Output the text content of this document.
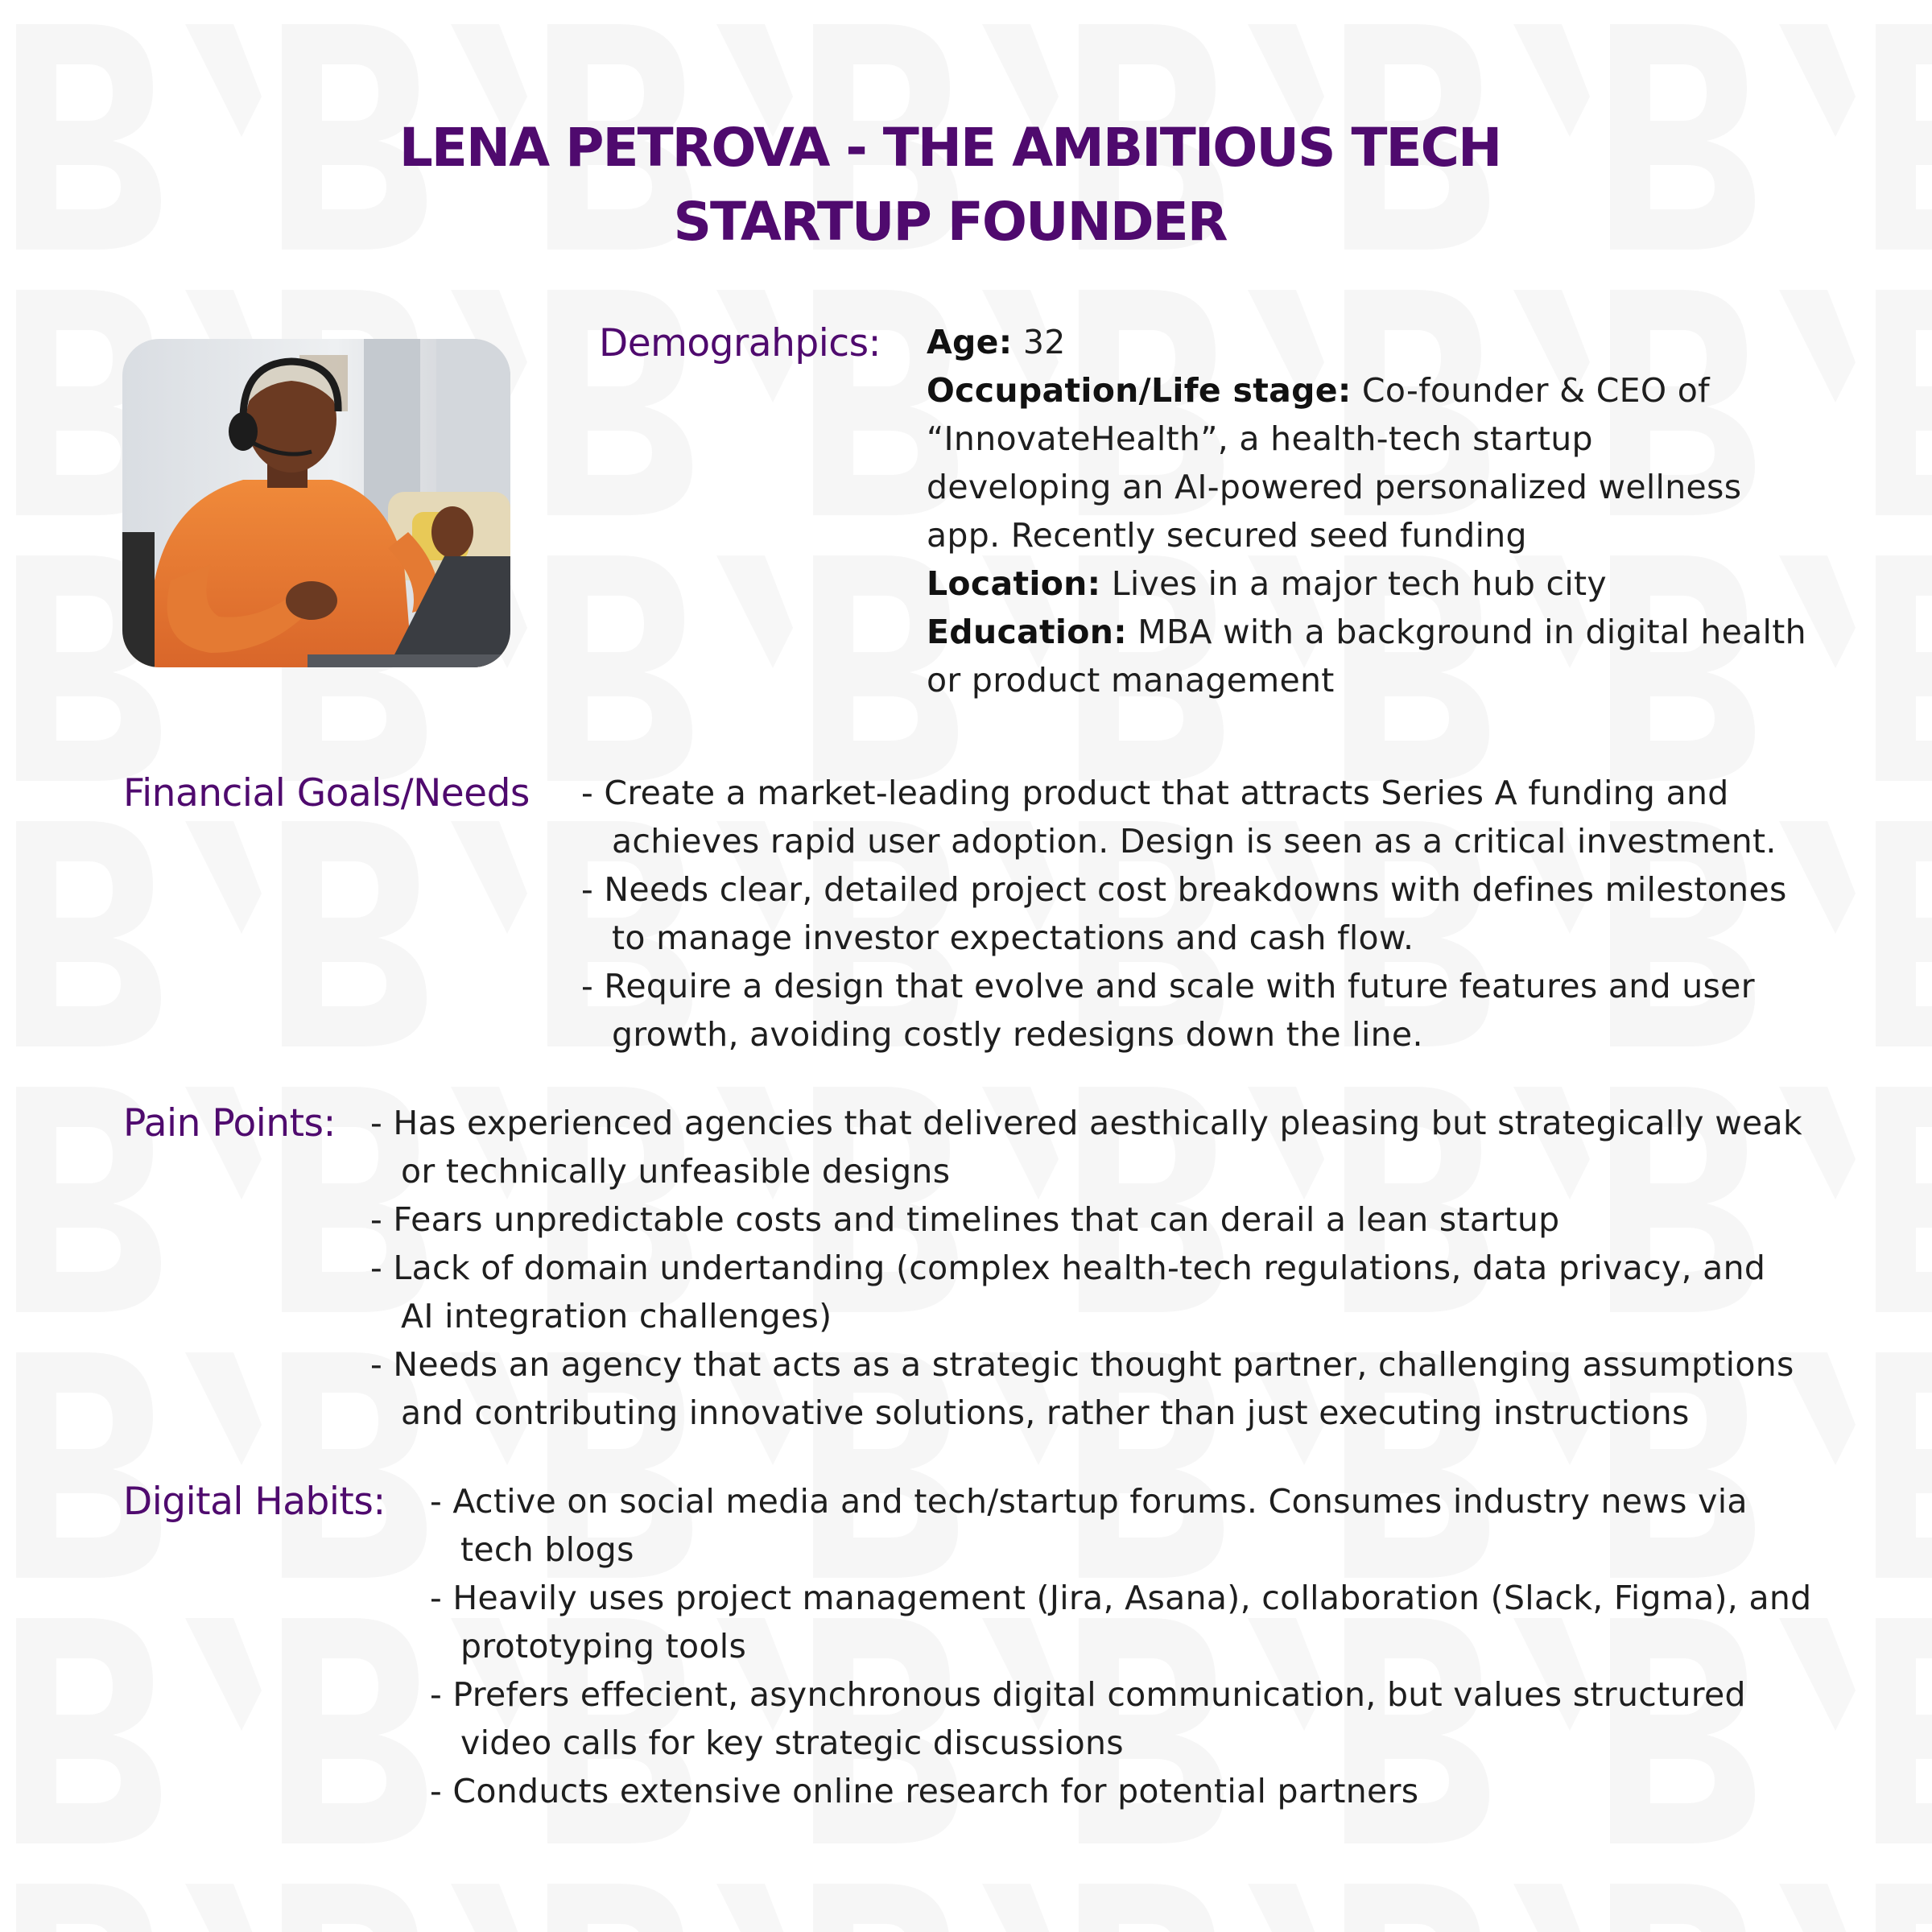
LENA PETROVA - THE AMBITIOUS TECH
STARTUP FOUNDER
Demograhpics: Age: 32
Occupation/Life stage: Co-founder & CEO of
“InnovateHealth”, a health-tech startup
developing an AI-powered personalized wellness
app. Recently secured seed funding
Location: Lives in a major tech hub city
Education: MBA with a background in digital health
or product management
Financial Goals/Needs - Create a market-leading product that attracts Series A funding and
achieves rapid user adoption. Design is seen as a critical investment.
- Needs clear, detailed project cost breakdowns with defines milestones
to manage investor expectations and cash flow.
- Require a design that evolve and scale with future features and user
growth, avoiding costly redesigns down the line.
Pain Points: - Has experienced agencies that delivered aesthically pleasing but strategically weak
or technically unfeasible designs
- Fears unpredictable costs and timelines that can derail a lean startup
- Lack of domain undertanding (complex health-tech regulations, data privacy, and
AI integration challenges)
- Needs an agency that acts as a strategic thought partner, challenging assumptions
and contributing innovative solutions, rather than just executing instructions
Digital Habits: - Active on social media and tech/startup forums. Consumes industry news via
tech blogs
- Heavily uses project management (Jira, Asana), collaboration (Slack, Figma), and
prototyping tools
- Prefers effecient, asynchronous digital communication, but values structured
video calls for key strategic discussions
- Conducts extensive online research for potential partners
